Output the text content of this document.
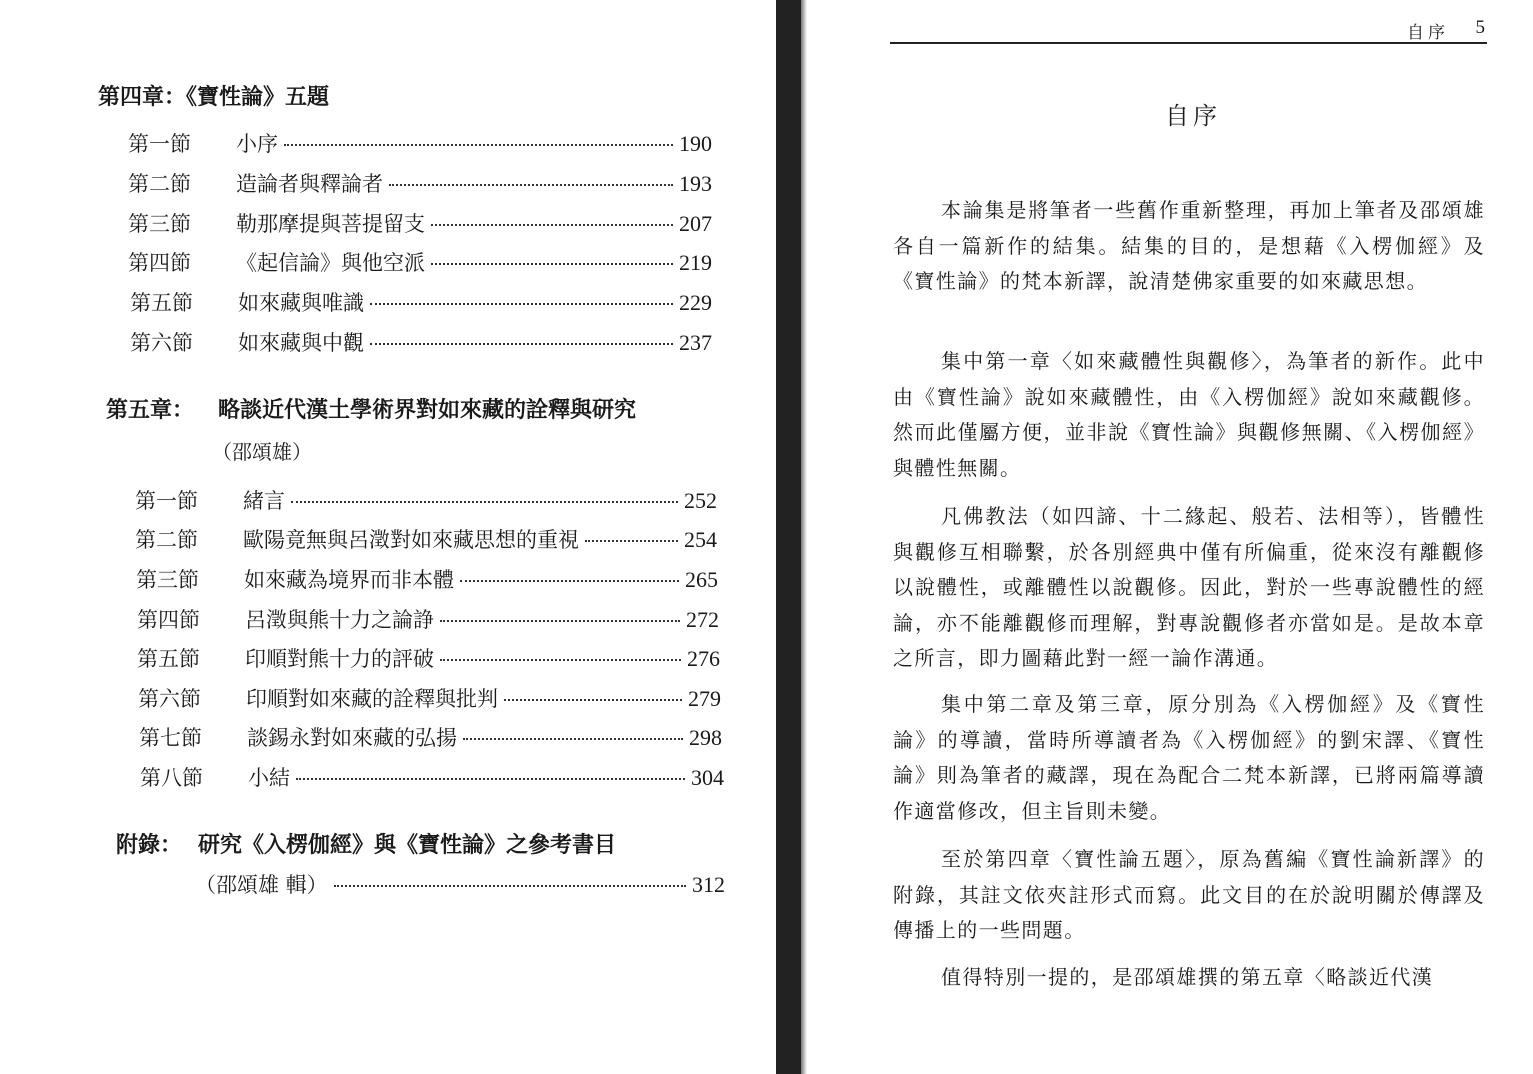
第四章：《寶性論》五題
第一節	小序	190
第二節	造論者與釋論者	193
第三節	勒那摩提與菩提留支	207
第四節	《起信論》與他空派	219
第五節	如來藏與唯識	229
第六節	如來藏與中觀	237
第五章： 略談近代漢土學術界對如來藏的詮釋與研究
（邵頌雄）
第一節	緒言	252
第二節	歐陽竟無與呂澂對如來藏思想的重視	254
第三節	如來藏為境界而非本體	265
第四節	呂澂與熊十力之論諍	272
第五節	印順對熊十力的評破	276
第六節	印順對如來藏的詮釋與批判	279
第七節	談錫永對如來藏的弘揚	298
第八節	小結	304
附錄： 研究《入楞伽經》與《寶性論》之參考書目
（邵頌雄 輯）	312
自序 5
自序

本論集是將筆者一些舊作重新整理，再加上筆者及邵頌雄各自一篇新作的結集。結集的目的，是想藉《入楞伽經》及《寶性論》的梵本新譯，說清楚佛家重要的如來藏思想。

集中第一章〈如來藏體性與觀修〉，為筆者的新作。此中由《寶性論》說如來藏體性，由《入楞伽經》說如來藏觀修。然而此僅屬方便，並非說《寶性論》與觀修無關、《入楞伽經》與體性無關。

凡佛教法（如四諦、十二緣起、般若、法相等），皆體性與觀修互相聯繫，於各別經典中僅有所偏重，從來沒有離觀修以說體性，或離體性以說觀修。因此，對於一些專說體性的經論，亦不能離觀修而理解，對專說觀修者亦當如是。是故本章之所言，即力圖藉此對一經一論作溝通。

集中第二章及第三章，原分別為《入楞伽經》及《寶性論》的導讀，當時所導讀者為《入楞伽經》的劉宋譯、《寶性論》則為筆者的藏譯，現在為配合二梵本新譯，已將兩篇導讀作適當修改，但主旨則未變。

至於第四章〈寶性論五題〉，原為舊編《寶性論新譯》的附錄，其註文依夾註形式而寫。此文目的在於說明關於傳譯及傳播上的一些問題。

值得特別一提的，是邵頌雄撰的第五章〈略談近代漢
